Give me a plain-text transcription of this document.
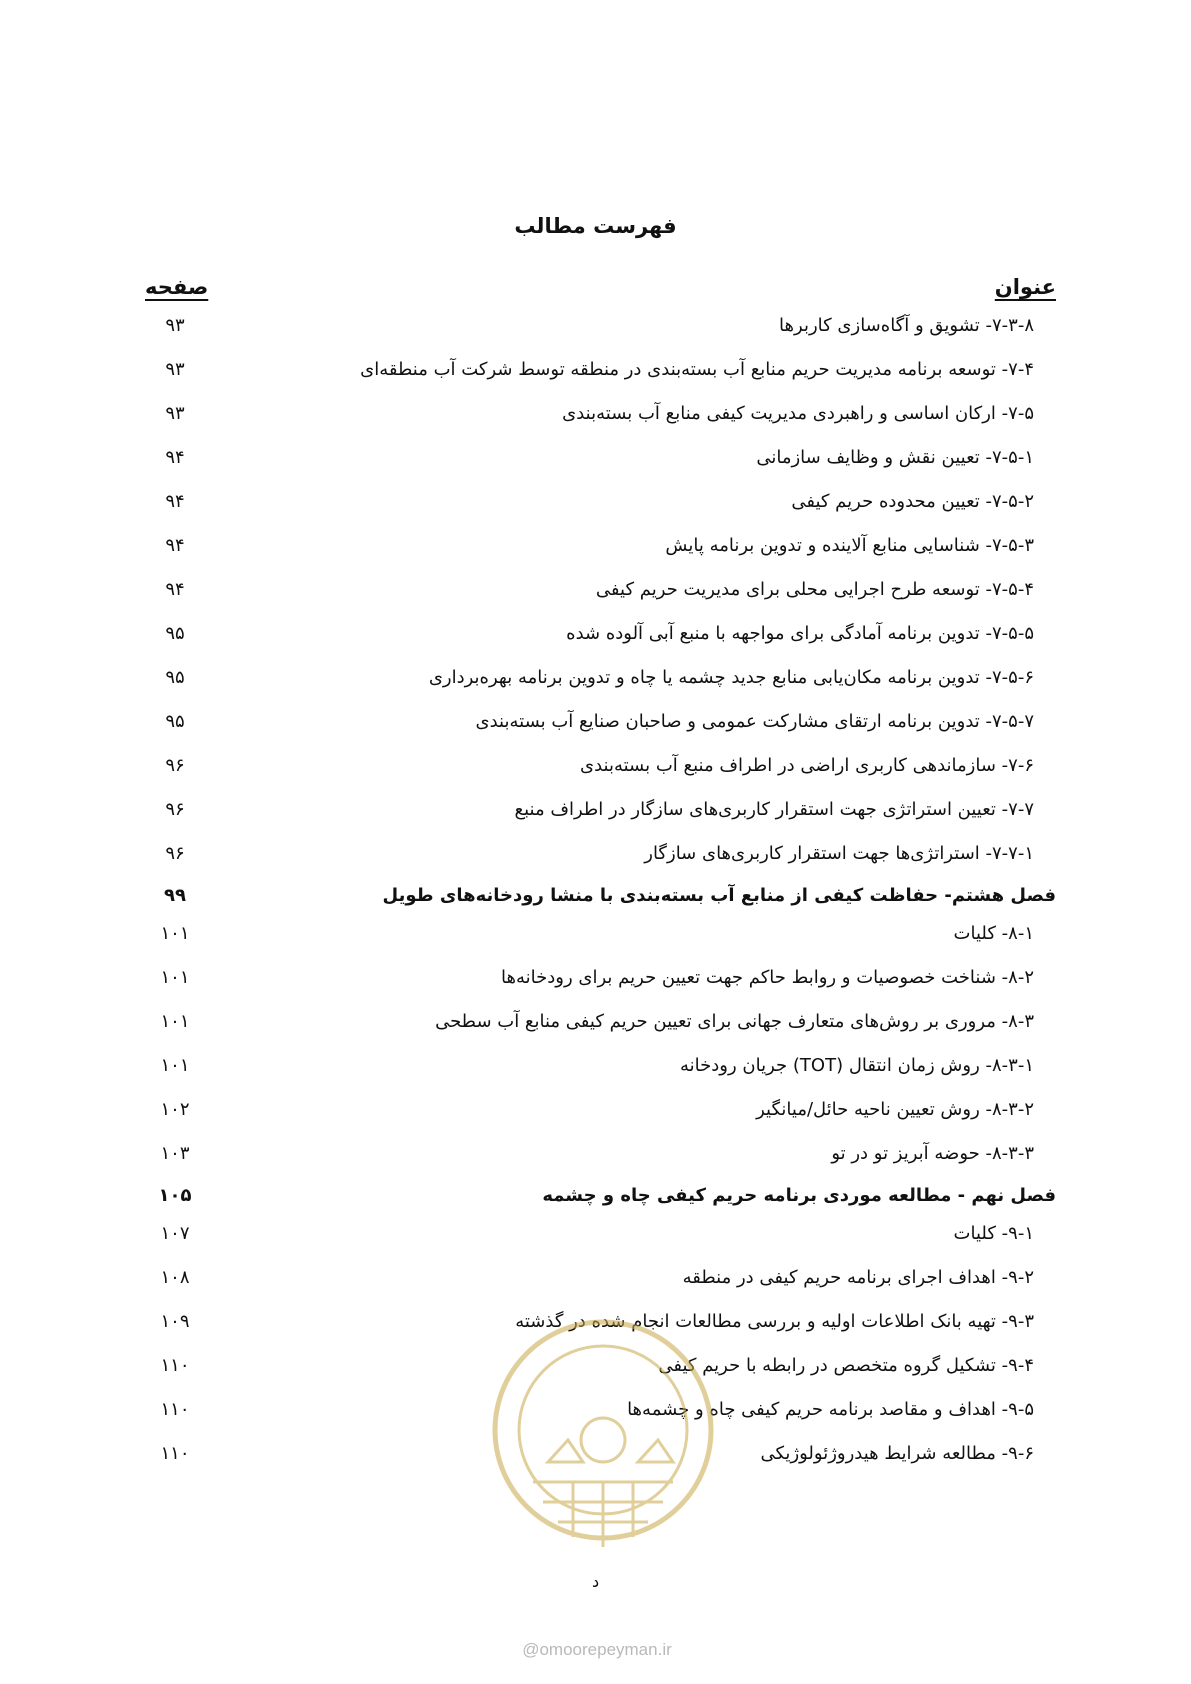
فهرست مطالب
عنوان
صفحه
۷-۳-۸- تشویق و آگاه‌سازی کاربرها
۹۳
۷-۴- توسعه برنامه مدیریت حریم منابع آب بسته‌بندی در منطقه توسط شرکت آب منطقه‌ای
۹۳
۷-۵- ارکان اساسی و راهبردی مدیریت کیفی منابع آب بسته‌بندی
۹۳
۷-۵-۱- تعیین نقش و وظایف سازمانی
۹۴
۷-۵-۲- تعیین محدوده حریم کیفی
۹۴
۷-۵-۳- شناسایی منابع آلاینده و تدوین برنامه پایش
۹۴
۷-۵-۴- توسعه طرح اجرایی محلی برای مدیریت حریم کیفی
۹۴
۷-۵-۵- تدوین برنامه آمادگی برای مواجهه با منبع آبی آلوده شده
۹۵
۷-۵-۶- تدوین برنامه مکان‌یابی منابع جدید چشمه یا چاه و تدوین برنامه بهره‌برداری
۹۵
۷-۵-۷- تدوین برنامه ارتقای مشارکت عمومی و صاحبان صنایع آب بسته‌بندی
۹۵
۷-۶- سازماندهی کاربری اراضی در اطراف منبع آب بسته‌بندی
۹۶
۷-۷- تعیین استراتژی جهت استقرار کاربری‌های سازگار در اطراف منبع
۹۶
۷-۷-۱- استراتژی‌ها جهت استقرار کاربری‌های سازگار
۹۶
فصل هشتم- حفاظت کیفی از منابع آب بسته‌بندی با منشا رودخانه‌های طویل
۹۹
۸-۱- کلیات
۱۰۱
۸-۲- شناخت خصوصیات و روابط حاکم جهت تعیین حریم برای رودخانه‌ها
۱۰۱
۸-۳- مروری بر روش‌های متعارف جهانی برای تعیین حریم کیفی منابع آب سطحی
۱۰۱
۸-۳-۱- روش زمان انتقال (TOT) جریان رودخانه
۱۰۱
۸-۳-۲- روش تعیین ناحیه حائل/میانگیر
۱۰۲
۸-۳-۳- حوضه آبریز تو در تو
۱۰۳
فصل نهم - مطالعه موردی برنامه حریم کیفی چاه و چشمه
۱۰۵
۹-۱- کلیات
۱۰۷
۹-۲- اهداف اجرای برنامه حریم کیفی در منطقه
۱۰۸
۹-۳- تهیه بانک اطلاعات اولیه و بررسی مطالعات انجام شده در گذشته
۱۰۹
۹-۴- تشکیل گروه متخصص در رابطه با حریم کیفی
۱۱۰
۹-۵- اهداف و مقاصد برنامه حریم کیفی چاه و چشمه‌ها
۱۱۰
۹-۶- مطالعه شرایط هیدروژئولوژیکی
۱۱۰
د
@omoorepeyman.ir
